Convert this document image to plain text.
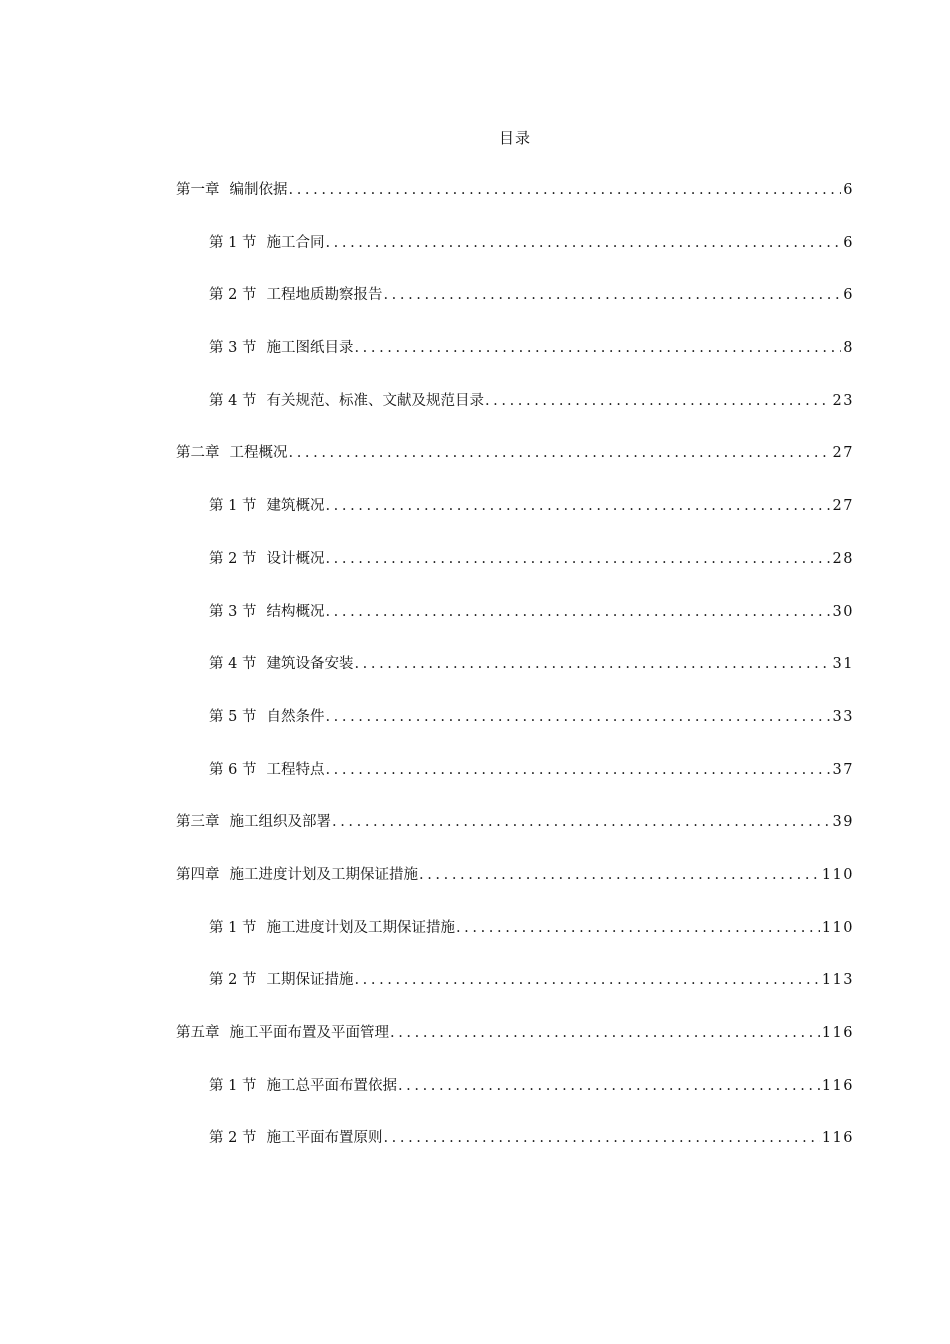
目录
第一章 编制依据 .....	6
第 1 节 施工合同 .....	6
第 2 节 工程地质勘察报告 .....	6
第 3 节 施工图纸目录 .....	8
第 4 节 有关规范、标准、文献及规范目录 .....	23
第二章 工程概况 .....	27
第 1 节 建筑概况 .....	27
第 2 节 设计概况 .....	28
第 3 节 结构概况 .....	30
第 4 节 建筑设备安装 .....	31
第 5 节 自然条件 .....	33
第 6 节 工程特点 .....	37
第三章 施工组织及部署 .....	39
第四章 施工进度计划及工期保证措施 .....	110
第 1 节 施工进度计划及工期保证措施 .....	110
第 2 节 工期保证措施 .....	113
第五章 施工平面布置及平面管理 .....	116
第 1 节 施工总平面布置依据 .....	116
第 2 节 施工平面布置原则 .....	116
